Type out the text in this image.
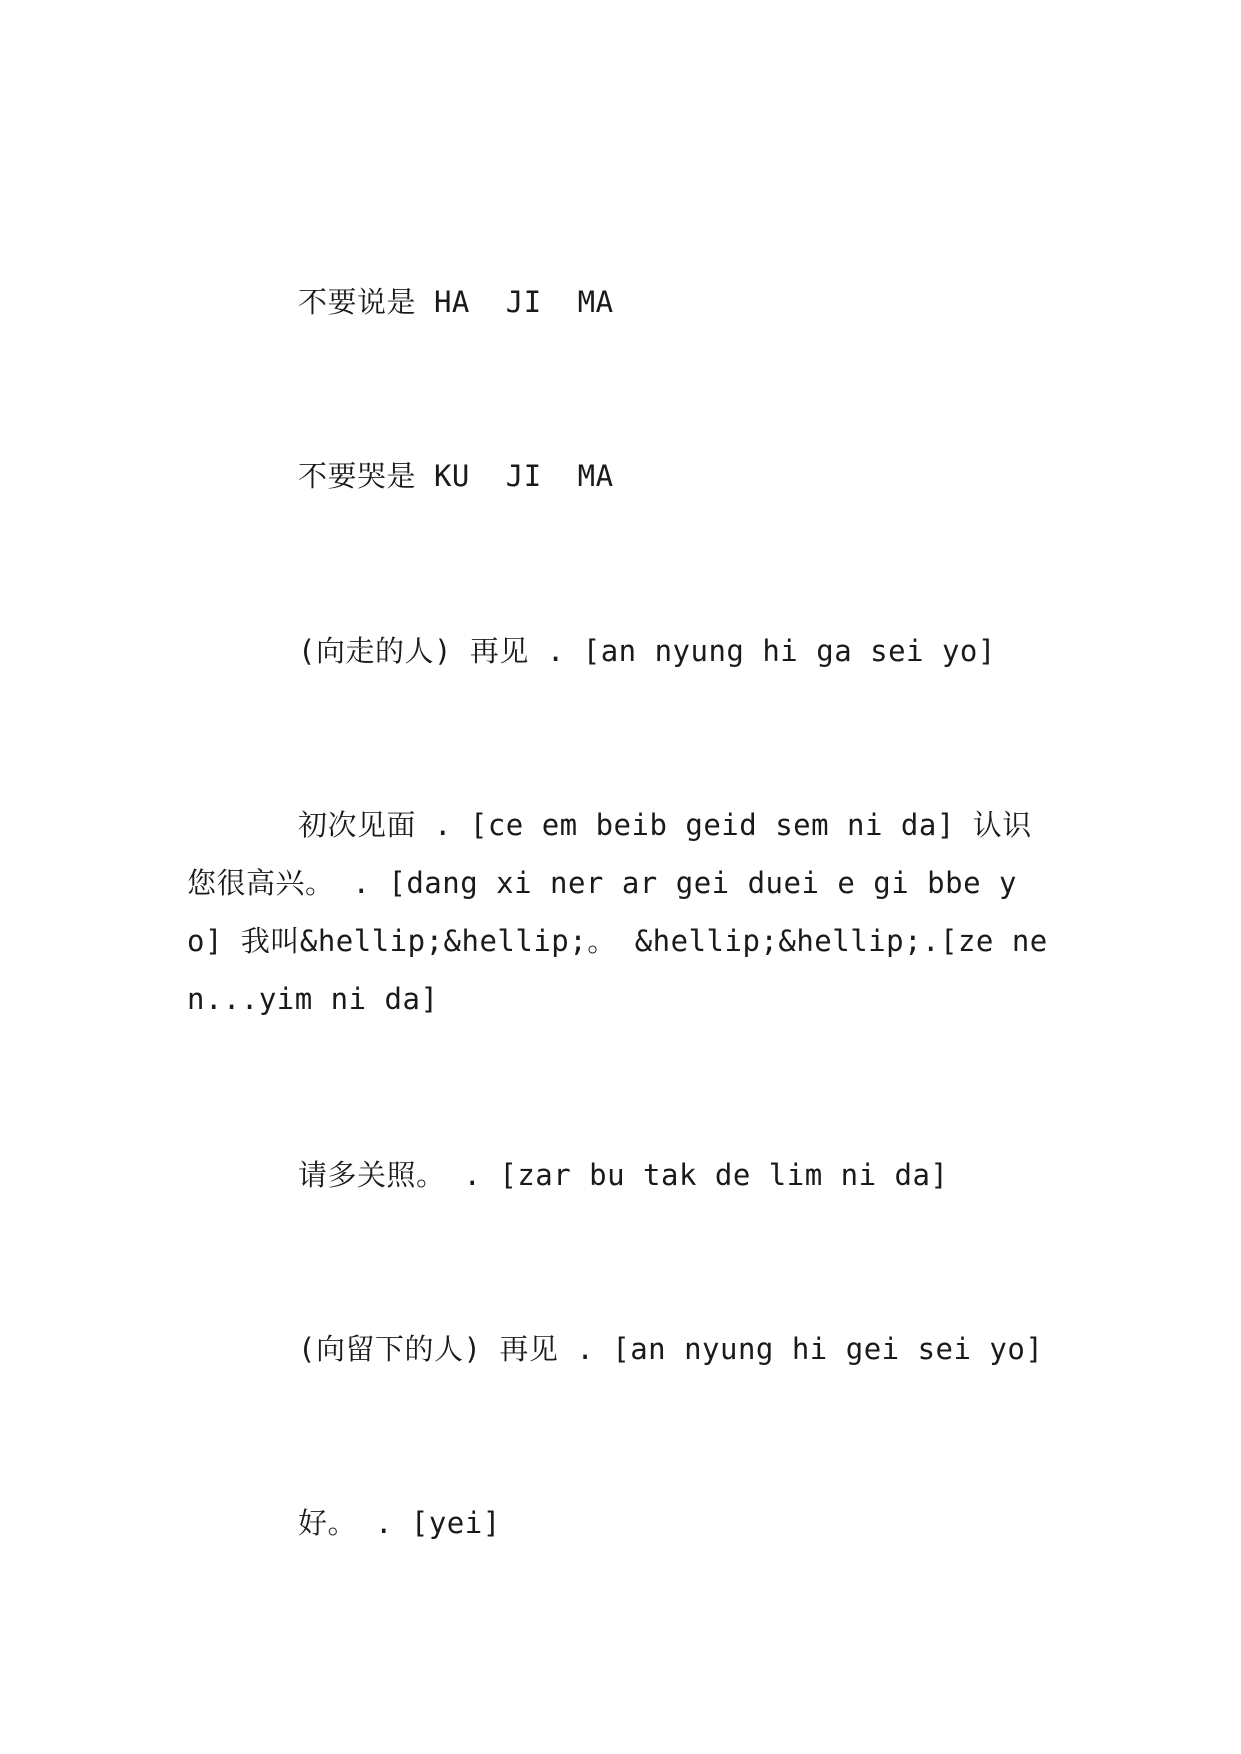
不要说是 HA  JI  MA

不要哭是 KU  JI  MA

(向走的人) 再见 . [an nyung hi ga sei yo]

初次见面 . [ce em beib geid sem ni da] 认识您很高兴。 . [dang xi ner ar gei duei e gi bbe yo] 我叫&hellip;&hellip;。 &hellip;&hellip;.[ze nen...yim ni da]

请多关照。 . [zar bu tak de lim ni da]

(向留下的人) 再见 . [an nyung hi gei sei yo]

好。 . [yei]
